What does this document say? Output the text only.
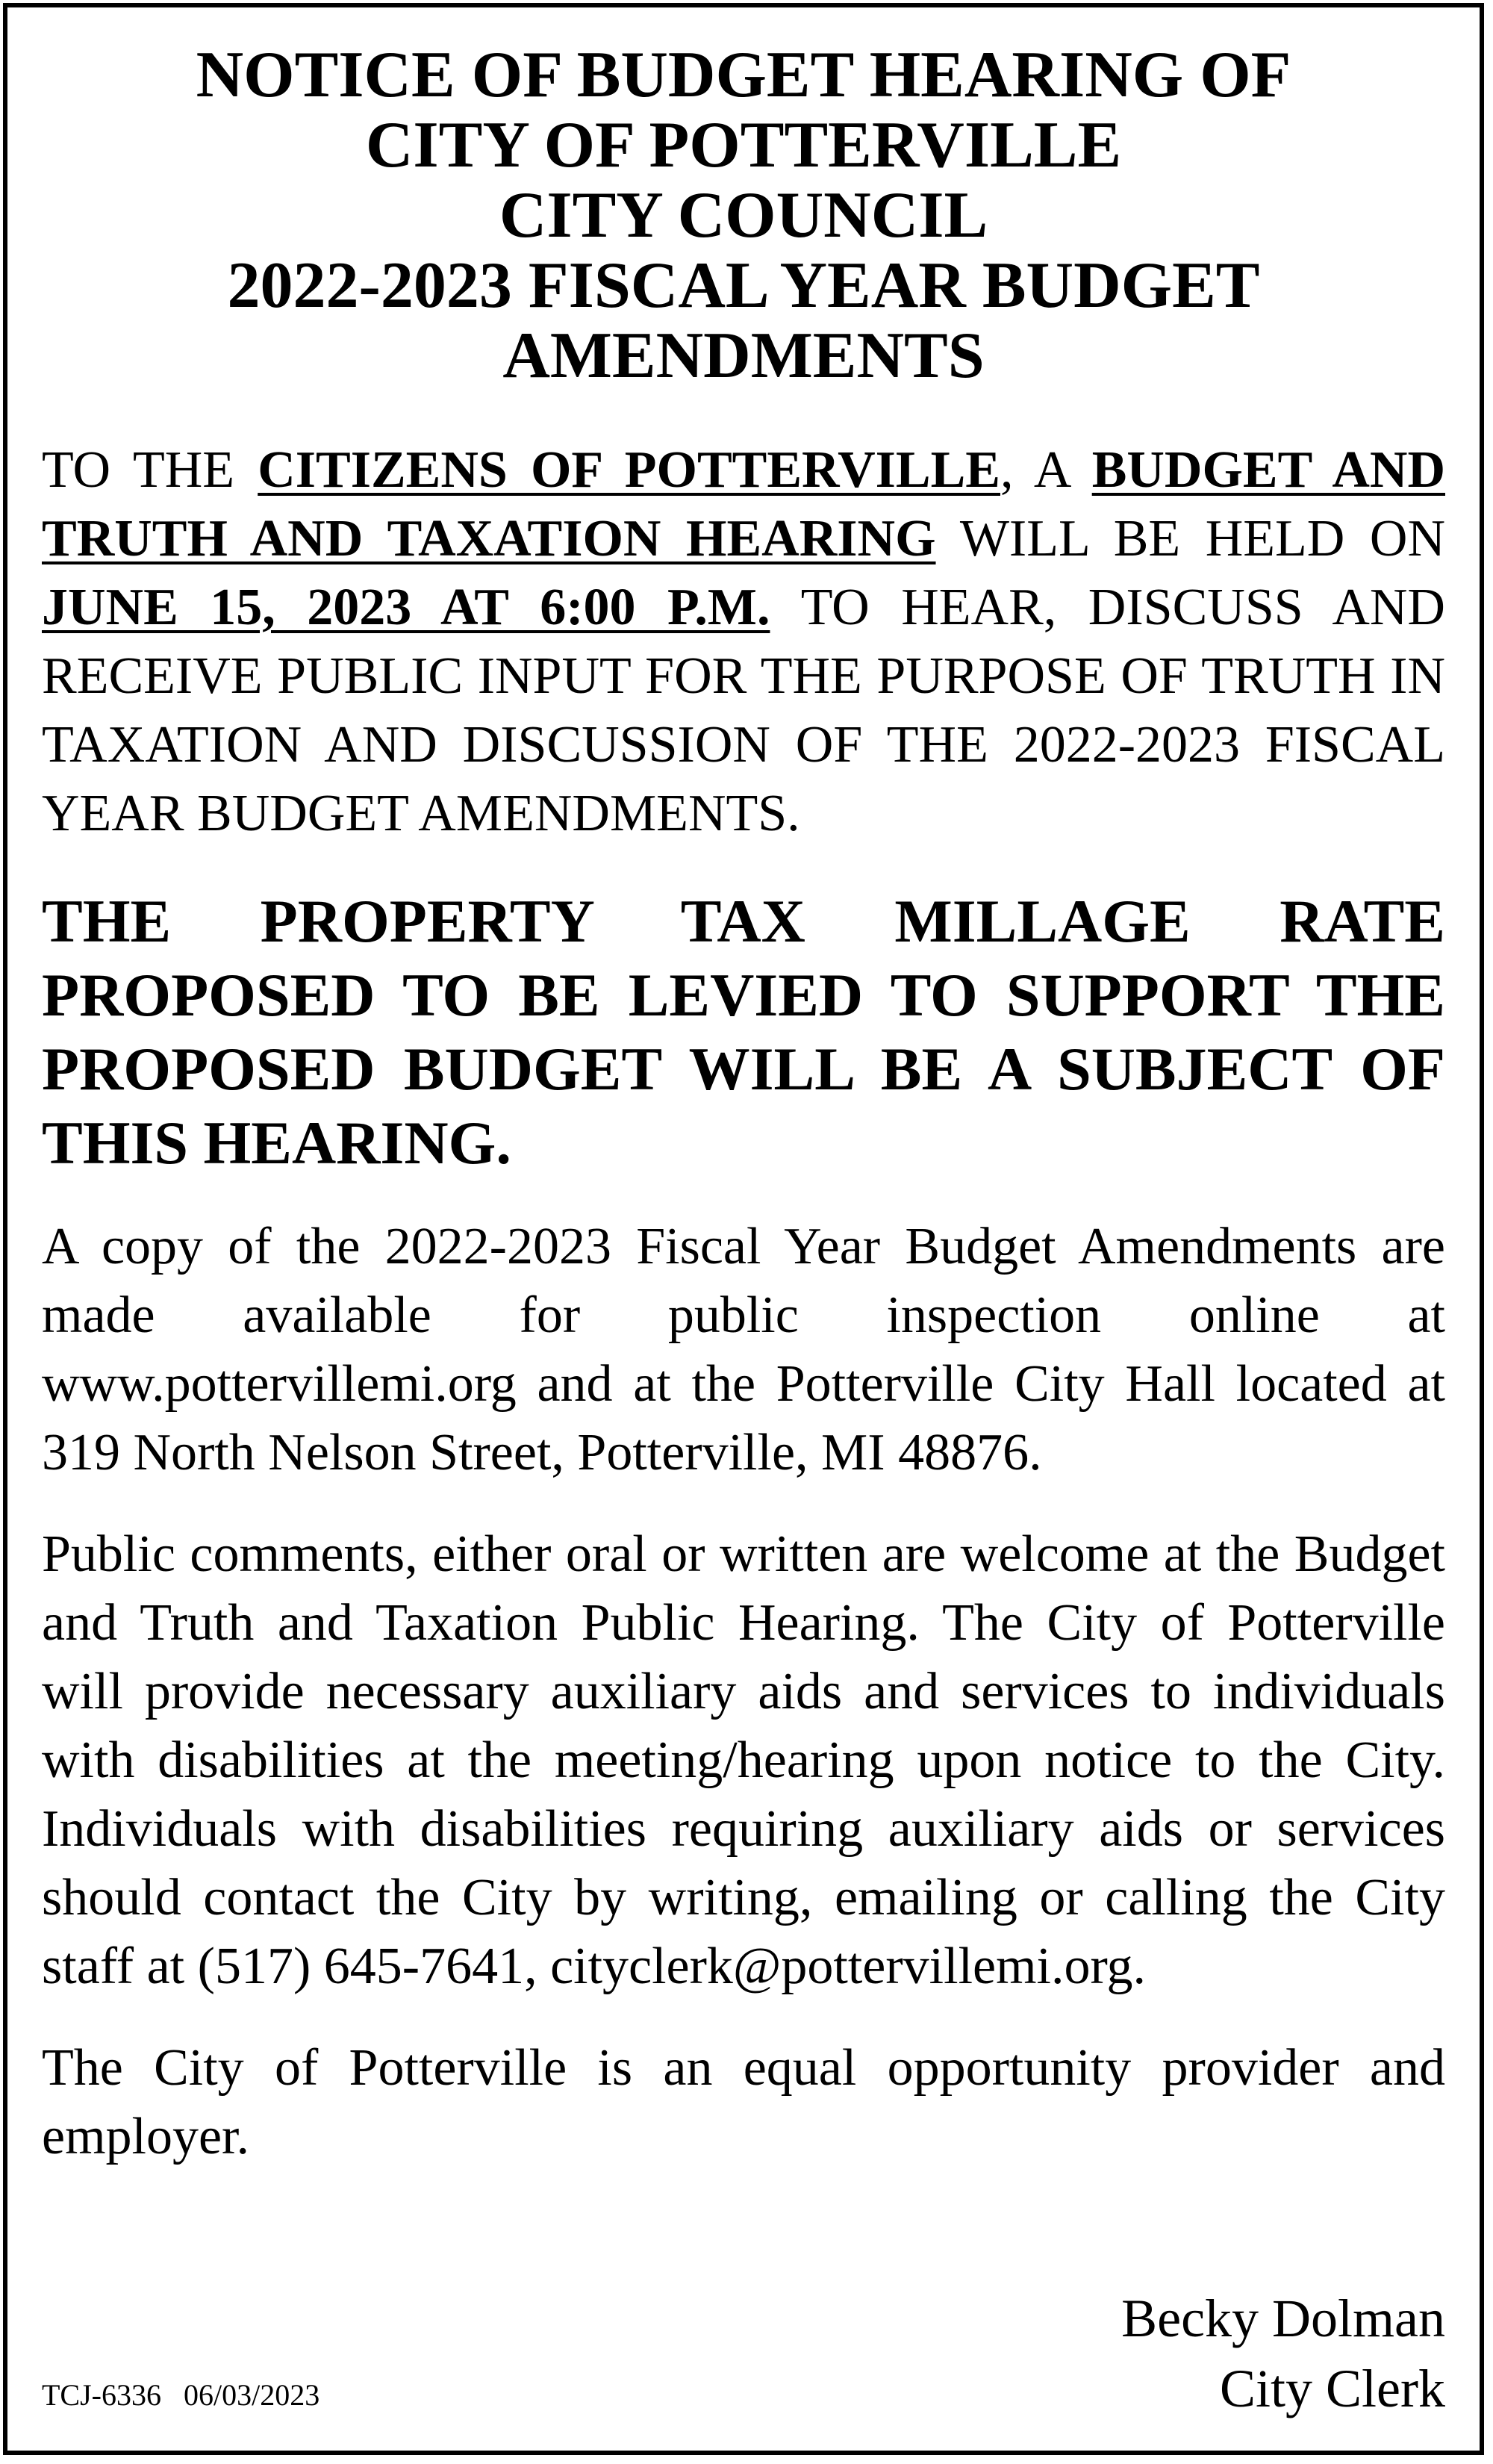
NOTICE OF BUDGET HEARING OF
CITY OF POTTERVILLE
CITY COUNCIL
2022-2023 FISCAL YEAR BUDGET
AMENDMENTS

TO THE CITIZENS OF POTTERVILLE, A BUDGET AND TRUTH AND TAXATION HEARING WILL BE HELD ON JUNE 15, 2023 AT 6:00 P.M. TO HEAR, DISCUSS AND RECEIVE PUBLIC INPUT FOR THE PURPOSE OF TRUTH IN TAXATION AND DISCUSSION OF THE 2022-2023 FISCAL YEAR BUDGET AMENDMENTS.

THE PROPERTY TAX MILLAGE RATE PROPOSED TO BE LEVIED TO SUPPORT THE PROPOSED BUDGET WILL BE A SUBJECT OF THIS HEARING.

A copy of the 2022-2023 Fiscal Year Budget Amendments are made available for public inspection online at www.pottervillemi.org and at the Potterville City Hall located at 319 North Nelson Street, Potterville, MI 48876.

Public comments, either oral or written are welcome at the Budget and Truth and Taxation Public Hearing. The City of Potterville will provide necessary auxiliary aids and services to individuals with disabilities at the meeting/hearing upon notice to the City. Individuals with disabilities requiring auxiliary aids or services should contact the City by writing, emailing or calling the City staff at (517) 645-7641, cityclerk@pottervillemi.org.

The City of Potterville is an equal opportunity provider and employer.

TCJ-6336   06/03/2023
Becky Dolman
City Clerk
